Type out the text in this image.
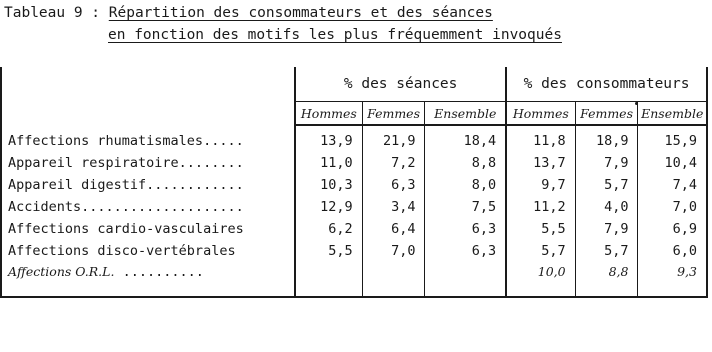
Tableau 9 : Répartition des consommateurs et des séances
en fonction des motifs les plus fréquemment invoqués
	% des séances			% des consommateurs		
	Hommes	Femmes	Ensemble	Hommes	Femmes	Ensemble
Affections rhumatismales.....	13,9	21,9	18,4	11,8	18,9	15,9
Appareil respiratoire........	11,0	7,2	8,8	13,7	7,9	10,4
Appareil digestif............	10,3	6,3	8,0	9,7	5,7	7,4
Accidents....................	12,9	3,4	7,5	11,2	4,0	7,0
Affections cardio-vasculaires	6,2	6,4	6,3	5,5	7,9	6,9
Affections disco-vertébrales	5,5	7,0	6,3	5,7	5,7	6,0
Affections O.R.L. ..........				10,0	8,8	9,3
